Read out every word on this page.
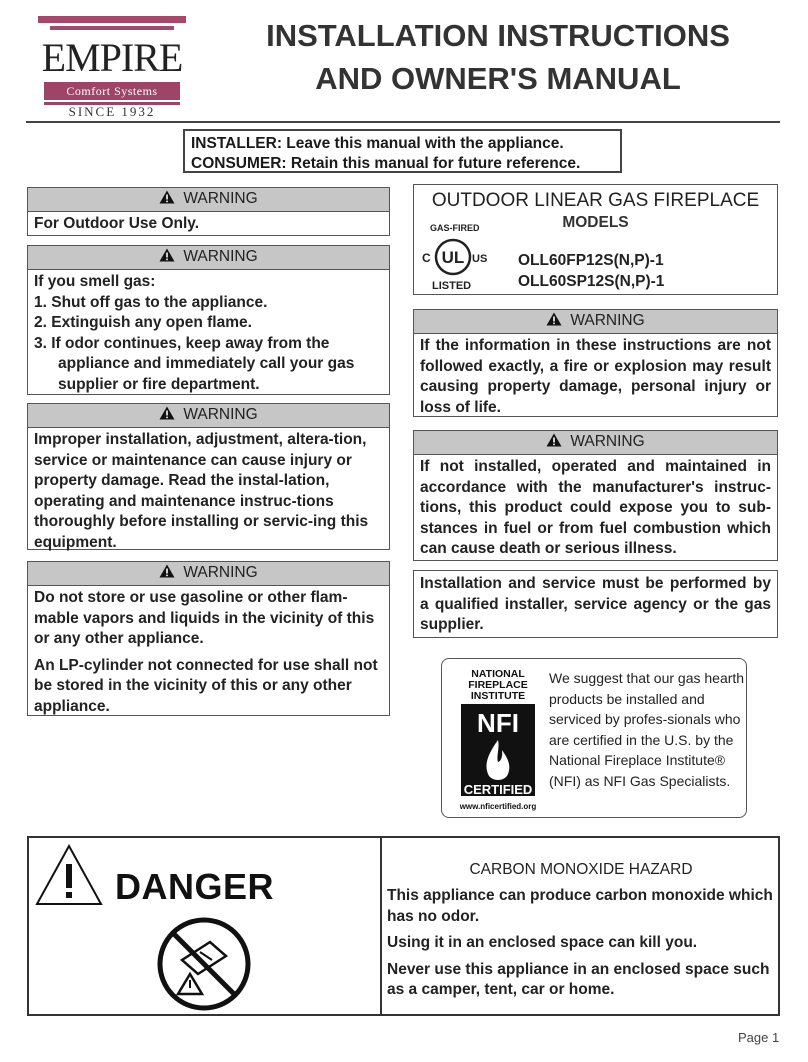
EMPIRE
Comfort Systems
SINCE 1932
INSTALLATION INSTRUCTIONS
AND OWNER'S MANUAL
INSTALLER: Leave this manual with the appliance.
CONSUMER: Retain this manual for future reference.
WARNING
For Outdoor Use Only.
WARNING

If you smell gas:

1. Shut off gas to the appliance.
2. Extinguish any open flame.
3. If odor continues, keep away from the appliance and immediately call your gas supplier or fire department.
WARNING
Improper installation, adjustment, altera-tion, service or maintenance can cause injury or property damage. Read the instal-lation, operating and maintenance instruc-tions thoroughly before installing or servic-ing this equipment.
WARNING

Do not store or use gasoline or other flam-mable vapors and liquids in the vicinity of this or any other appliance.

An LP-cylinder not connected for use shall not be stored in the vicinity of this or any other appliance.

OUTDOOR LINEAR GAS FIREPLACE
MODELS
GAS-FIRED
UL
C	US
LISTED
OLL60FP12S(N,P)-1
OLL60SP12S(N,P)-1
WARNING
If the information in these instructions are not followed exactly, a fire or explosion may result causing property damage, personal injury or loss of life.
WARNING
If not installed, operated and maintained in accordance with the manufacturer's instruc-tions, this product could expose you to sub-stances in fuel or from fuel combustion which can cause death or serious illness.
Installation and service must be performed by a qualified installer, service agency or the gas supplier.
NATIONAL
FIREPLACE
INSTITUTE
NFI
CERTIFIED
www.nficertified.org
We suggest that our gas hearth products be installed and serviced by profes-sionals who are certified in the U.S. by the National Fireplace Institute® (NFI) as NFI Gas Specialists.
DANGER	CARBON MONOXIDE HAZARD

This appliance can produce carbon monoxide which has no odor.

Using it in an enclosed space can kill you.

Never use this appliance in an enclosed space such as a camper, tent, car or home.

Page 1
